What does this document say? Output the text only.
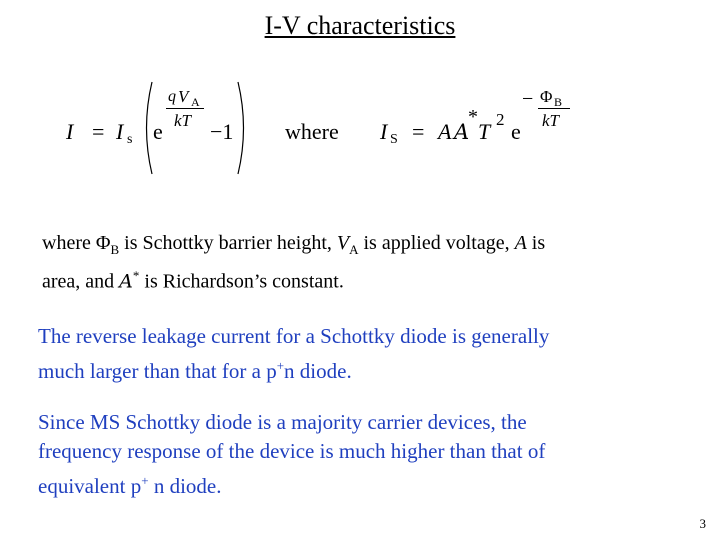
I-V characteristics
I = I s e
q V A
kT −1 where I S = A A
*
T 2 e
− Φ B
kT
where $\Phi_B$ is Schottky barrier height, $V_A$ is applied voltage, A is
area, and A* is Richardson’s constant.
The reverse leakage current for a Schottky diode is generally
much larger than that for a p+n diode.
Since MS Schottky diode is a majority carrier devices, the
frequency response of the device is much higher than that of
equivalent p+ n diode.
3
